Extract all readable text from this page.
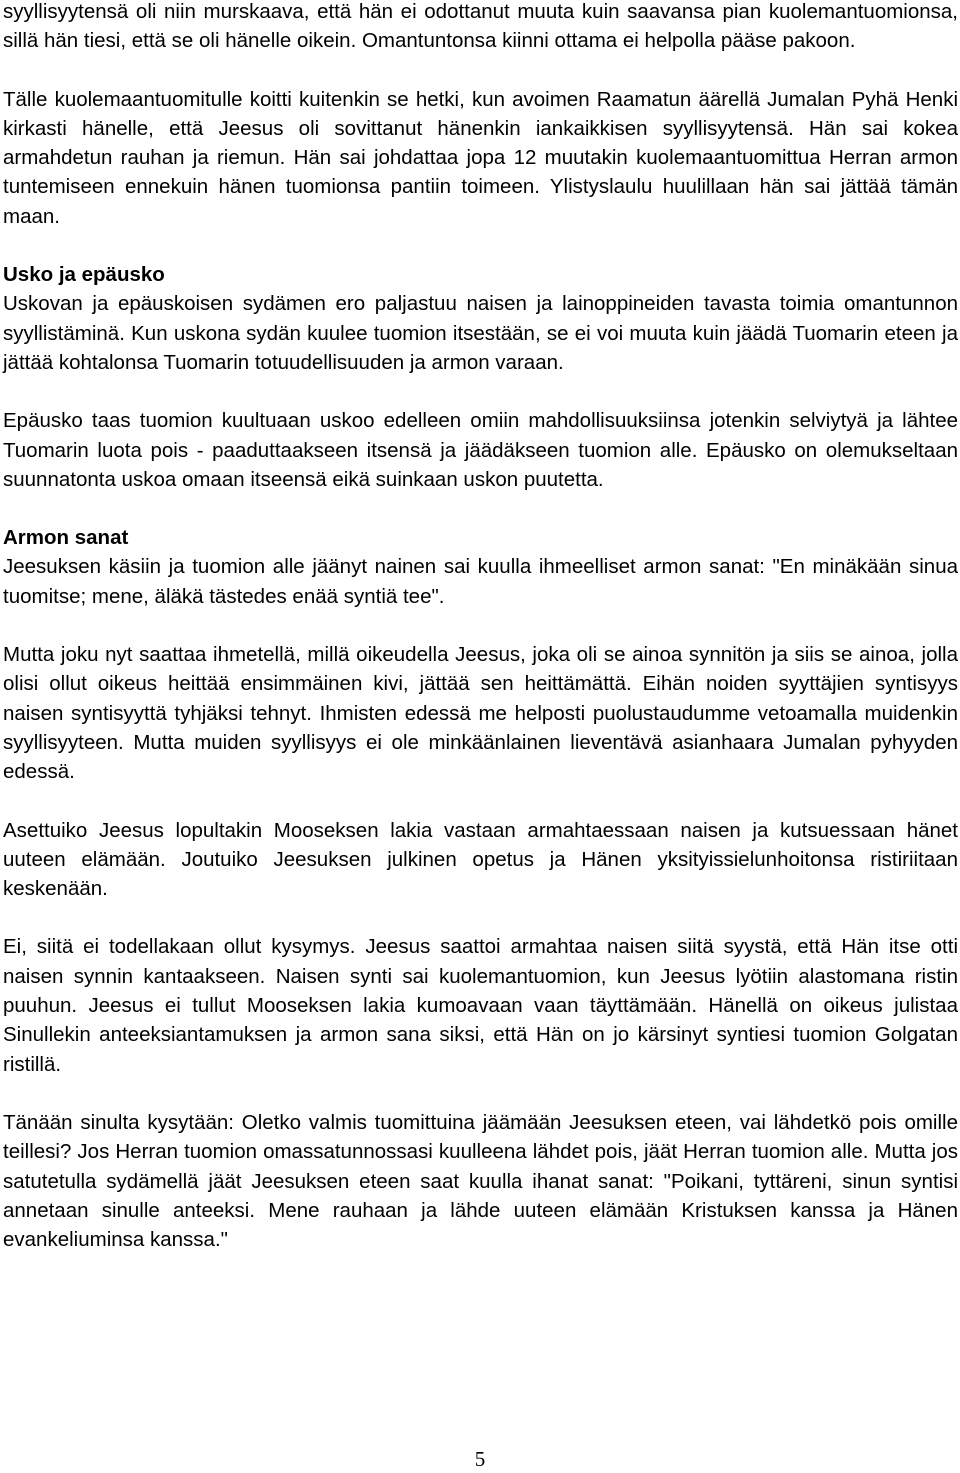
syyllisyytensä oli niin murskaava, että hän ei odottanut muuta kuin saavansa pian kuolemantuomionsa, sillä hän tiesi, että se oli hänelle oikein. Omantuntonsa kiinni ottama ei helpolla pääse pakoon.

Tälle kuolemaantuomitulle koitti kuitenkin se hetki, kun avoimen Raamatun äärellä Jumalan Pyhä Henki kirkasti hänelle, että Jeesus oli sovittanut hänenkin iankaikkisen syyllisyytensä. Hän sai kokea armahdetun rauhan ja riemun. Hän sai johdattaa jopa 12 muutakin kuolemaantuomittua Herran armon tuntemiseen ennekuin hänen tuomionsa pantiin toimeen. Ylistyslaulu huulillaan hän sai jättää tämän maan.

Usko ja epäusko

Uskovan ja epäuskoisen sydämen ero paljastuu naisen ja lainoppineiden tavasta toimia omantunnon syyllistäminä. Kun uskona sydän kuulee tuomion itsestään, se ei voi muuta kuin jäädä Tuomarin eteen ja jättää kohtalonsa Tuomarin totuudellisuuden ja armon varaan.

Epäusko taas tuomion kuultuaan uskoo edelleen omiin mahdollisuuksiinsa jotenkin selviytyä ja lähtee Tuomarin luota pois - paaduttaakseen itsensä ja jäädäkseen tuomion alle. Epäusko on olemukseltaan suunnatonta uskoa omaan itseensä eikä suinkaan uskon puutetta.

Armon sanat

Jeesuksen käsiin ja tuomion alle jäänyt nainen sai kuulla ihmeelliset armon sanat: "En minäkään sinua tuomitse; mene, äläkä tästedes enää syntiä tee".

Mutta joku nyt saattaa ihmetellä, millä oikeudella Jeesus, joka oli se ainoa synnitön ja siis se ainoa, jolla olisi ollut oikeus heittää ensimmäinen kivi, jättää sen heittämättä. Eihän noiden syyttäjien syntisyys naisen syntisyyttä tyhjäksi tehnyt. Ihmisten edessä me helposti puolustaudumme vetoamalla muidenkin syyllisyyteen. Mutta muiden syyllisyys ei ole minkäänlainen lieventävä asianhaara Jumalan pyhyyden edessä.

Asettuiko Jeesus lopultakin Mooseksen lakia vastaan armahtaessaan naisen ja kutsuessaan hänet uuteen elämään. Joutuiko Jeesuksen julkinen opetus ja Hänen yksityissielunhoitonsa ristiriitaan keskenään.

Ei, siitä ei todellakaan ollut kysymys. Jeesus saattoi armahtaa naisen siitä syystä, että Hän itse otti naisen synnin kantaakseen. Naisen synti sai kuolemantuomion, kun Jeesus lyötiin alastomana ristin puuhun. Jeesus ei tullut Mooseksen lakia kumoavaan vaan täyttämään. Hänellä on oikeus julistaa Sinullekin anteeksiantamuksen ja armon sana siksi, että Hän on jo kärsinyt syntiesi tuomion Golgatan ristillä.

Tänään sinulta kysytään: Oletko valmis tuomittuina jäämään Jeesuksen eteen, vai lähdetkö pois omille teillesi? Jos Herran tuomion omassatunnossasi kuulleena lähdet pois, jäät Herran tuomion alle. Mutta jos satutetulla sydämellä jäät Jeesuksen eteen saat kuulla ihanat sanat: "Poikani, tyttäreni, sinun syntisi annetaan sinulle anteeksi. Mene rauhaan ja lähde uuteen elämään Kristuksen kanssa ja Hänen evankeliuminsa kanssa."

5
